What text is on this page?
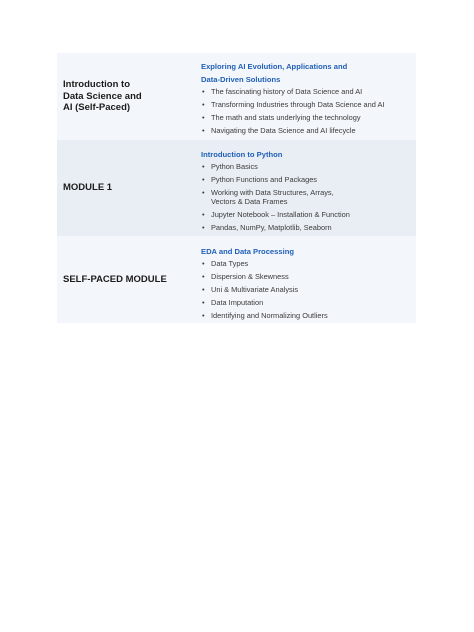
Introduction to Data Science and AI (Self-Paced)
Exploring AI Evolution, Applications and Data-Driven Solutions
• The fascinating history of Data Science and AI
• Transforming Industries through Data Science and AI
• The math and stats underlying the technology
• Navigating the Data Science and AI lifecycle
MODULE 1
Introduction to Python
• Python Basics
• Python Functions and Packages
• Working with Data Structures, Arrays, Vectors & Data Frames
• Jupyter Notebook – Installation & Function
• Pandas, NumPy, Matplotlib, Seaborn
SELF-PACED MODULE
EDA and Data Processing
• Data Types
• Dispersion & Skewness
• Uni & Multivariate Analysis
• Data Imputation
• Identifying and Normalizing Outliers
